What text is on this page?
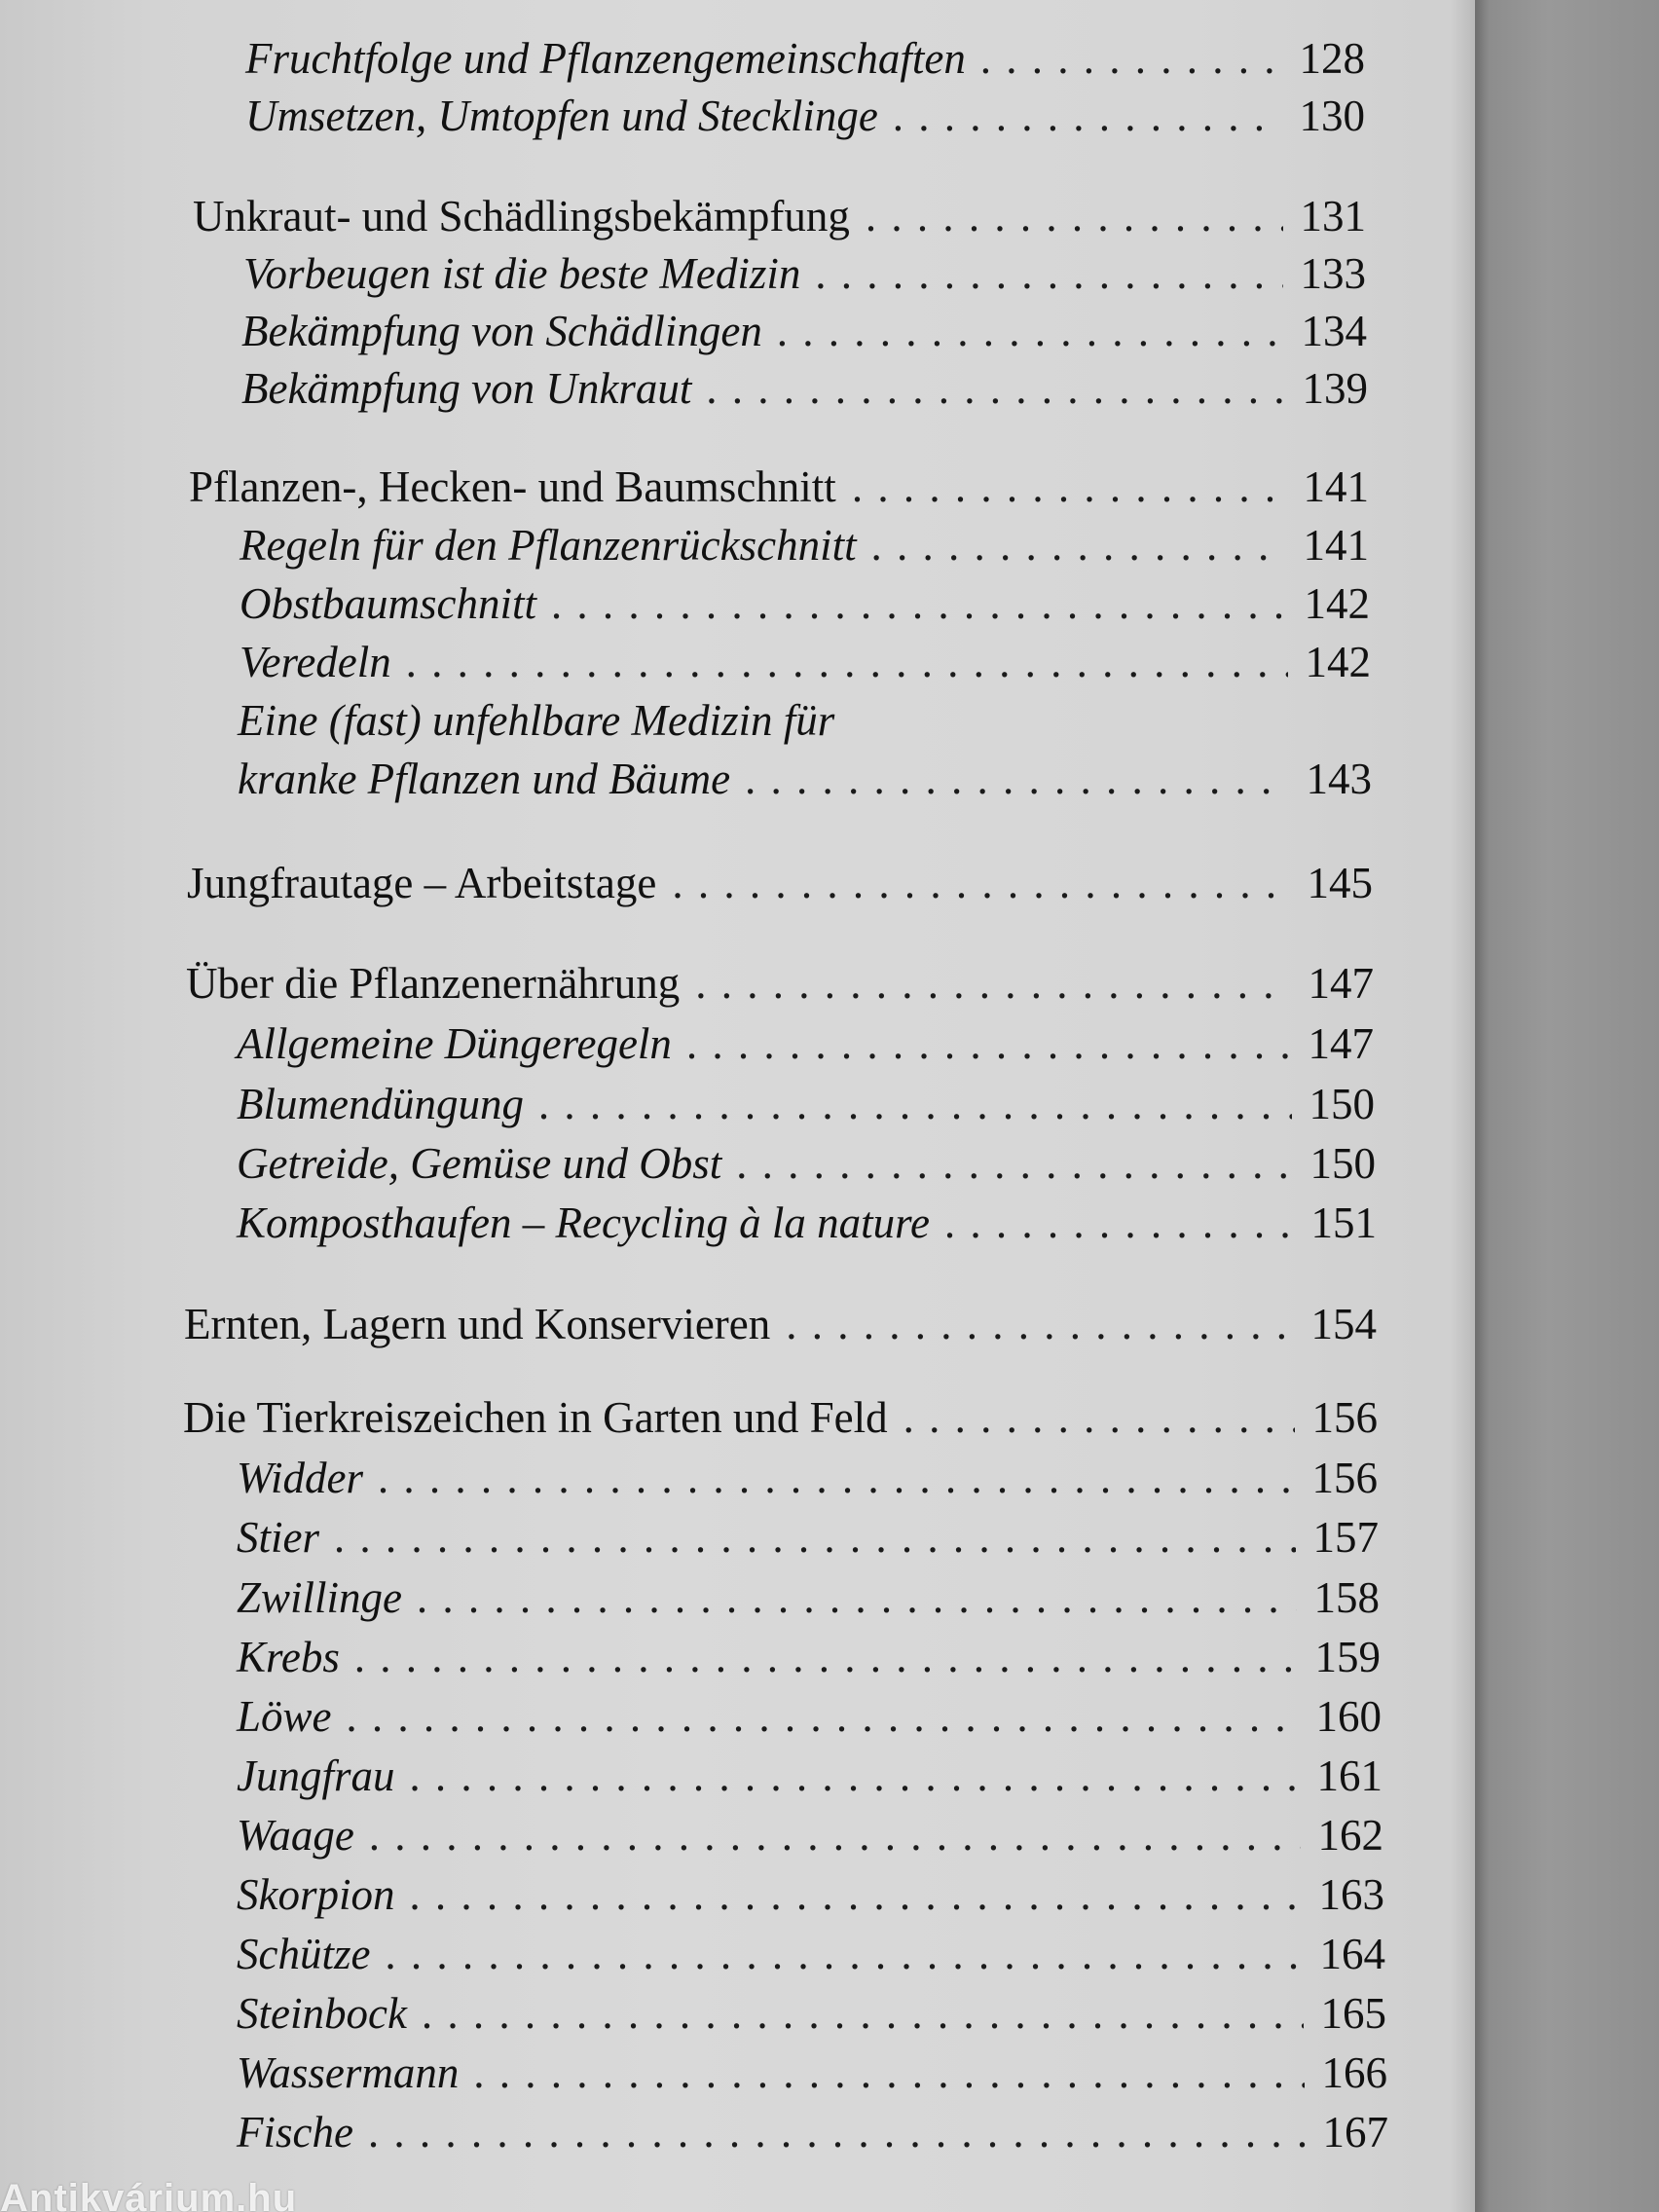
Fruchtfolge und Pflanzengemeinschaften . . .	128
Umsetzen, Umtopfen und Stecklinge . . .	130
Unkraut- und Schädlingsbekämpfung . . .	131
Vorbeugen ist die beste Medizin . . .	133
Bekämpfung von Schädlingen . . .	134
Bekämpfung von Unkraut . . .	139
Pflanzen-, Hecken- und Baumschnitt . . .	141
Regeln für den Pflanzenrückschnitt . . .	141
Obstbaumschnitt . . .	142
Veredeln . . .	142
Eine (fast) unfehlbare Medizin für
kranke Pflanzen und Bäume . . .	143
Jungfrautage – Arbeitstage . . .	145
Über die Pflanzenernährung . . .	147
Allgemeine Düngeregeln . . .	147
Blumendüngung . . .	150
Getreide, Gemüse und Obst . . .	150
Komposthaufen – Recycling à la nature . . .	151
Ernten, Lagern und Konservieren . . .	154
Die Tierkreiszeichen in Garten und Feld . . .	156
Widder . . .	156
Stier . . .	157
Zwillinge . . .	158
Krebs . . .	159
Löwe . . .	160
Jungfrau . . .	161
Waage . . .	162
Skorpion . . .	163
Schütze . . .	164
Steinbock . . .	165
Wassermann . . .	166
Fische . . .	167
Antikvárium.hu
